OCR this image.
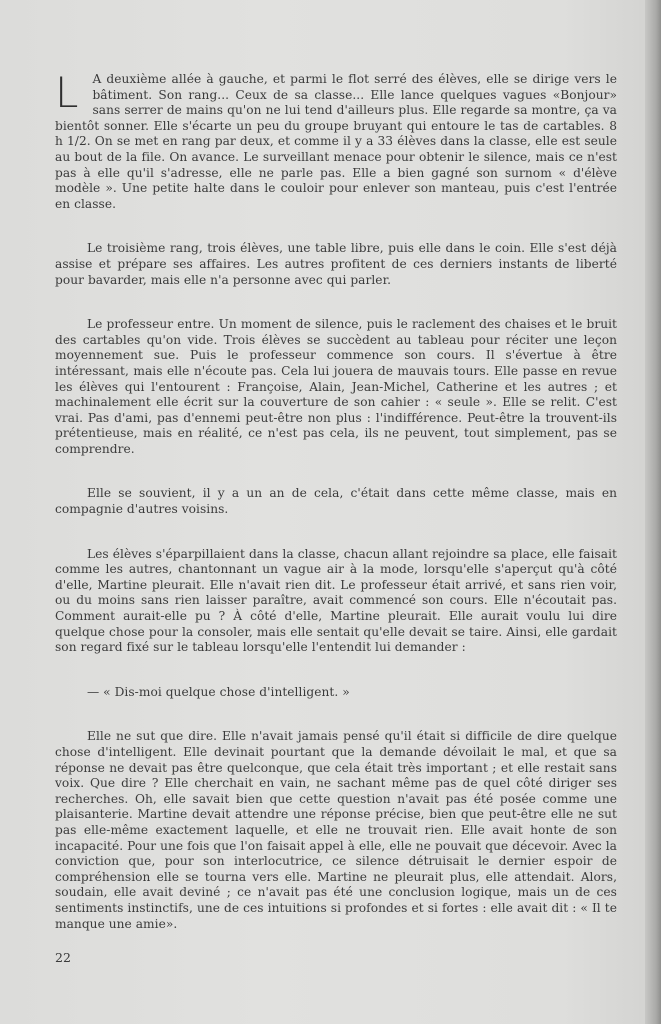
L A deuxième allée à gauche, et parmi le flot serré des élèves, elle se dirige vers le bâtiment. Son rang... Ceux de sa classe... Elle lance quelques vagues «Bonjour» sans serrer de mains qu'on ne lui tend d'ailleurs plus. Elle regarde sa montre, ça va bientôt sonner. Elle s'écarte un peu du groupe bruyant qui entoure le tas de cartables. 8 h 1/2. On se met en rang par deux, et comme il y a 33 élèves dans la classe, elle est seule au bout de la file. On avance. Le surveillant menace pour obtenir le silence, mais ce n'est pas à elle qu'il s'adresse, elle ne parle pas. Elle a bien gagné son surnom « d'élève modèle ». Une petite halte dans le couloir pour enlever son manteau, puis c'est l'entrée en classe.

Le troisième rang, trois élèves, une table libre, puis elle dans le coin. Elle s'est déjà assise et prépare ses affaires. Les autres profitent de ces derniers instants de liberté pour bavarder, mais elle n'a personne avec qui parler.

Le professeur entre. Un moment de silence, puis le raclement des chaises et le bruit des cartables qu'on vide. Trois élèves se succèdent au tableau pour réciter une leçon moyennement sue. Puis le professeur commence son cours. Il s'évertue à être intéressant, mais elle n'écoute pas. Cela lui jouera de mauvais tours. Elle passe en revue les élèves qui l'entourent : Françoise, Alain, Jean-Michel, Catherine et les autres ; et machinalement elle écrit sur la couverture de son cahier : « seule ». Elle se relit. C'est vrai. Pas d'ami, pas d'ennemi peut-être non plus : l'indifférence. Peut-être la trouvent-ils prétentieuse, mais en réalité, ce n'est pas cela, ils ne peuvent, tout simplement, pas se comprendre.

Elle se souvient, il y a un an de cela, c'était dans cette même classe, mais en compagnie d'autres voisins.

Les élèves s'éparpillaient dans la classe, chacun allant rejoindre sa place, elle faisait comme les autres, chantonnant un vague air à la mode, lorsqu'elle s'aperçut qu'à côté d'elle, Martine pleurait. Elle n'avait rien dit. Le professeur était arrivé, et sans rien voir, ou du moins sans rien laisser paraître, avait commencé son cours. Elle n'écoutait pas. Comment aurait-elle pu ? À côté d'elle, Martine pleurait. Elle aurait voulu lui dire quelque chose pour la consoler, mais elle sentait qu'elle devait se taire. Ainsi, elle gardait son regard fixé sur le tableau lorsqu'elle l'entendit lui demander :

— « Dis-moi quelque chose d'intelligent. »

Elle ne sut que dire. Elle n'avait jamais pensé qu'il était si difficile de dire quelque chose d'intelligent. Elle devinait pourtant que la demande dévoilait le mal, et que sa réponse ne devait pas être quelconque, que cela était très important ; et elle restait sans voix. Que dire ? Elle cherchait en vain, ne sachant même pas de quel côté diriger ses recherches. Oh, elle savait bien que cette question n'avait pas été posée comme une plaisanterie. Martine devait attendre une réponse précise, bien que peut-être elle ne sut pas elle-même exactement laquelle, et elle ne trouvait rien. Elle avait honte de son incapacité. Pour une fois que l'on faisait appel à elle, elle ne pouvait que décevoir. Avec la conviction que, pour son interlocutrice, ce silence détruisait le dernier espoir de compréhension elle se tourna vers elle. Martine ne pleurait plus, elle attendait. Alors, soudain, elle avait deviné ; ce n'avait pas été une conclusion logique, mais un de ces sentiments instinctifs, une de ces intuitions si profondes et si fortes : elle avait dit : « Il te manque une amie».

22
